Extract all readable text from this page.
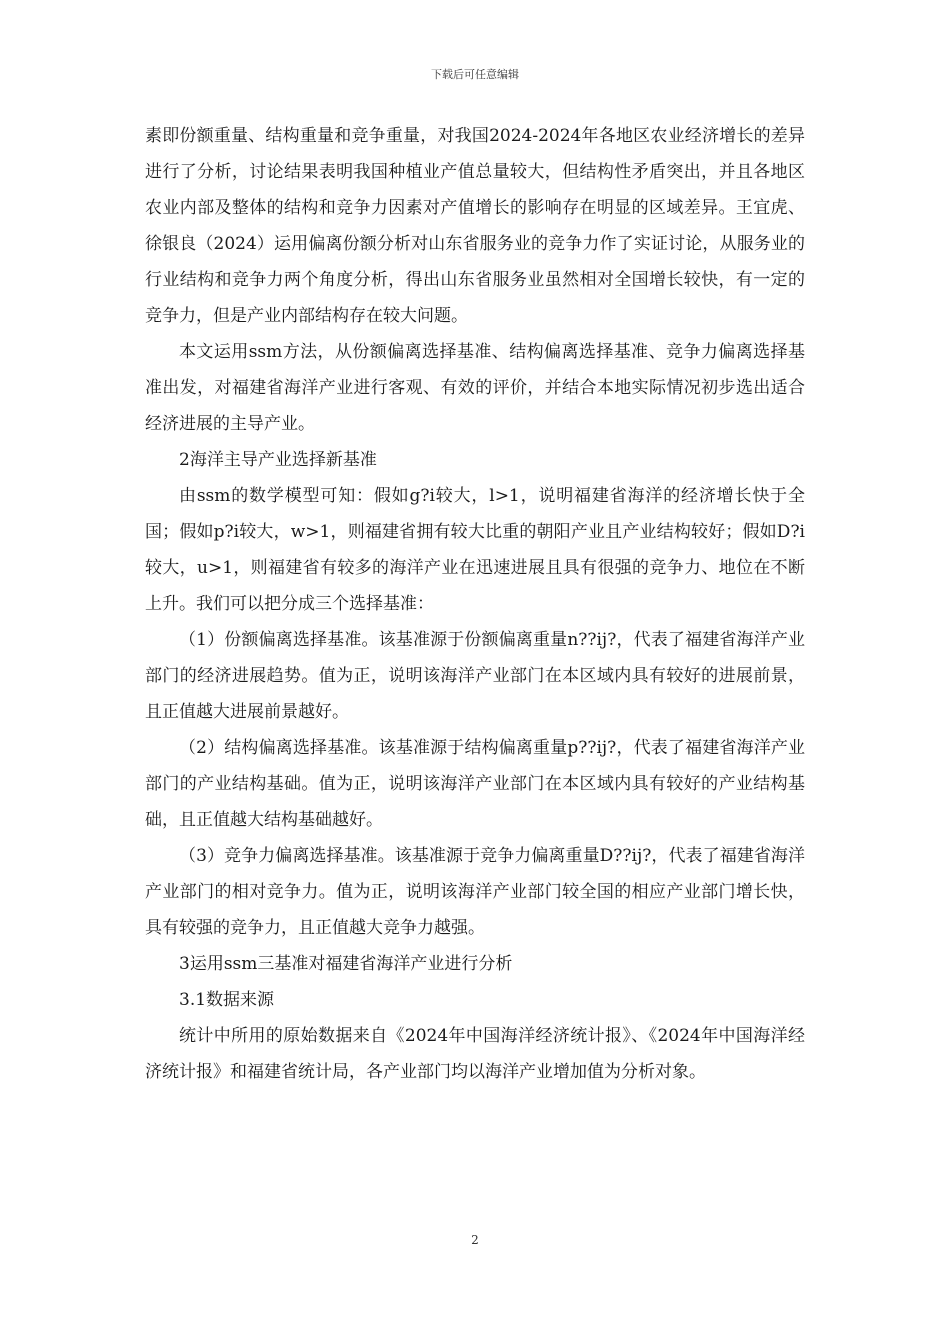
下载后可任意编辑

素即份额重量、结构重量和竞争重量，对我国2024-2024年各地区农业经济增长的差异进行了分析，讨论结果表明我国种植业产值总量较大，但结构性矛盾突出，并且各地区农业内部及整体的结构和竞争力因素对产值增长的影响存在明显的区域差异。王宜虎、徐银良（2024）运用偏离份额分析对山东省服务业的竞争力作了实证讨论，从服务业的行业结构和竞争力两个角度分析，得出山东省服务业虽然相对全国增长较快，有一定的竞争力，但是产业内部结构存在较大问题。

本文运用ssm方法，从份额偏离选择基准、结构偏离选择基准、竞争力偏离选择基准出发，对福建省海洋产业进行客观、有效的评价，并结合本地实际情况初步选出适合经济进展的主导产业。

2海洋主导产业选择新基准

由ssm的数学模型可知：假如g?i较大，l>1，说明福建省海洋的经济增长快于全国；假如p?i较大，w>1，则福建省拥有较大比重的朝阳产业且产业结构较好；假如D?i较大，u>1，则福建省有较多的海洋产业在迅速进展且具有很强的竞争力、地位在不断上升。我们可以把分成三个选择基准：

（1）份额偏离选择基准。该基准源于份额偏离重量n??ij?，代表了福建省海洋产业部门的经济进展趋势。值为正，说明该海洋产业部门在本区域内具有较好的进展前景，且正值越大进展前景越好。

（2）结构偏离选择基准。该基准源于结构偏离重量p??ij?，代表了福建省海洋产业部门的产业结构基础。值为正，说明该海洋产业部门在本区域内具有较好的产业结构基础，且正值越大结构基础越好。

（3）竞争力偏离选择基准。该基准源于竞争力偏离重量D??ij?，代表了福建省海洋产业部门的相对竞争力。值为正，说明该海洋产业部门较全国的相应产业部门增长快，具有较强的竞争力，且正值越大竞争力越强。

3运用ssm三基准对福建省海洋产业进行分析

3.1数据来源

统计中所用的原始数据来自《2024年中国海洋经济统计报》、《2024年中国海洋经济统计报》和福建省统计局，各产业部门均以海洋产业增加值为分析对象。

2
